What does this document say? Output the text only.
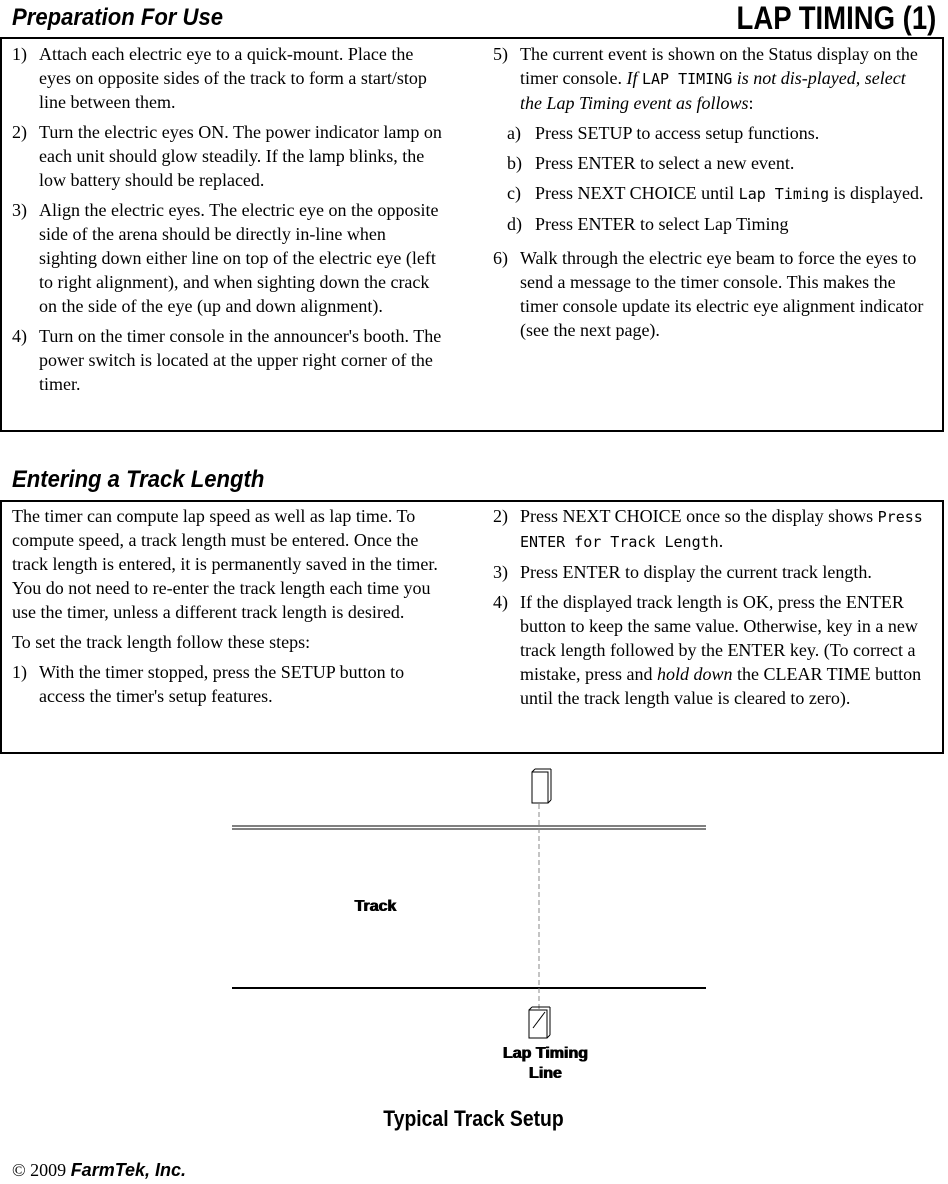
Preparation For Use	LAP TIMING (1)

1) Attach each electric eye to a quick-mount. Place the eyes on opposite sides of the track to form a start/stop line between them.

2) Turn the electric eyes ON. The power indicator lamp on each unit should glow steadily. If the lamp blinks, the low battery should be replaced.

3) Align the electric eyes. The electric eye on the opposite side of the arena should be directly in-line when sighting down either line on top of the electric eye (left to right alignment), and when sighting down the crack on the side of the eye (up and down alignment).

4) Turn on the timer console in the announcer's booth. The power switch is located at the upper right corner of the timer.

5) The current event is shown on the Status display on the timer console. If LAP TIMING is not dis-played, select the Lap Timing event as follows:

a) Press SETUP to access setup functions.

b) Press ENTER to select a new event.

c) Press NEXT CHOICE until Lap Timing is displayed.

d) Press ENTER to select Lap Timing

6) Walk through the electric eye beam to force the eyes to send a message to the timer console. This makes the timer console update its electric eye alignment indicator (see the next page).

Entering a Track Length

The timer can compute lap speed as well as lap time. To compute speed, a track length must be entered. Once the track length is entered, it is permanently saved in the timer. You do not need to re-enter the track length each time you use the timer, unless a different track length is desired.

To set the track length follow these steps:

1) With the timer stopped, press the SETUP button to access the timer's setup features.

2) Press NEXT CHOICE once so the display shows Press ENTER for Track Length.

3) Press ENTER to display the current track length.

4) If the displayed track length is OK, press the ENTER button to keep the same value. Otherwise, key in a new track length followed by the ENTER key. (To correct a mistake, press and hold down the CLEAR TIME button until the track length value is cleared to zero).

Track
Lap Timing
Line
Typical Track Setup
© 2009 FarmTek, Inc.
